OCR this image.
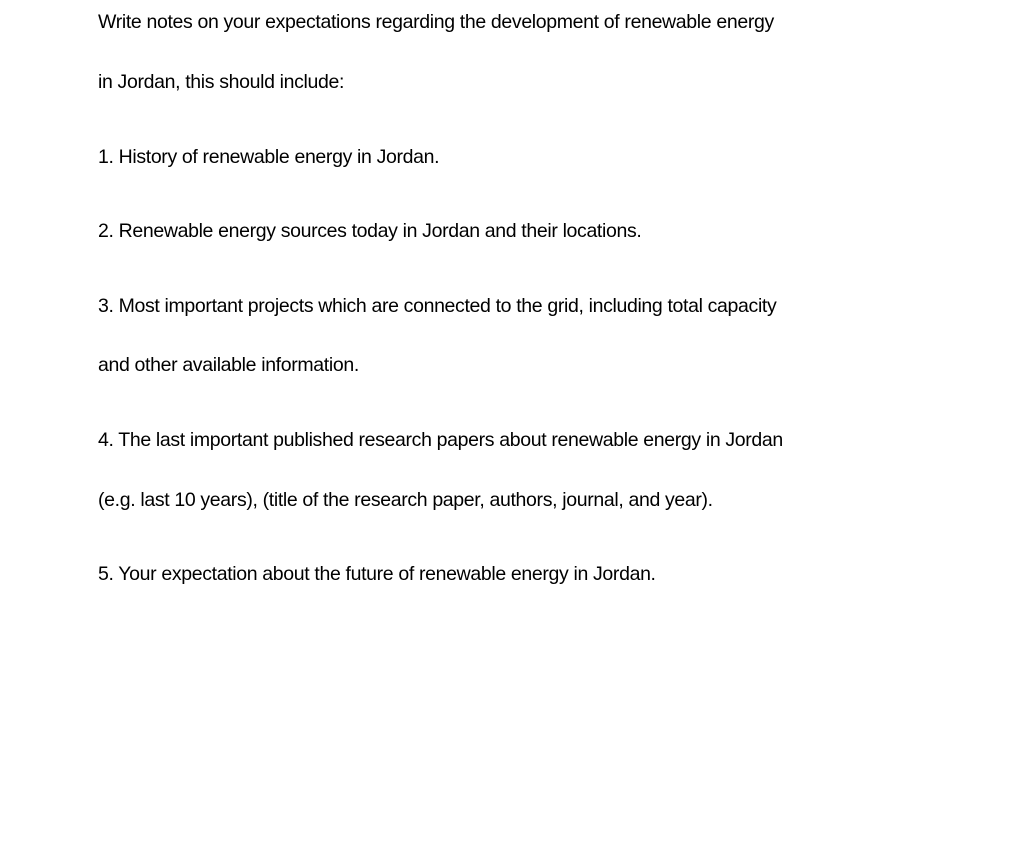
Write notes on your expectations regarding the development of renewable energy
in Jordan, this should include:
1. History of renewable energy in Jordan.
2. Renewable energy sources today in Jordan and their locations.
3. Most important projects which are connected to the grid, including total capacity
and other available information.
4. The last important published research papers about renewable energy in Jordan
(e.g. last 10 years), (title of the research paper, authors, journal, and year).
5. Your expectation about the future of renewable energy in Jordan.
